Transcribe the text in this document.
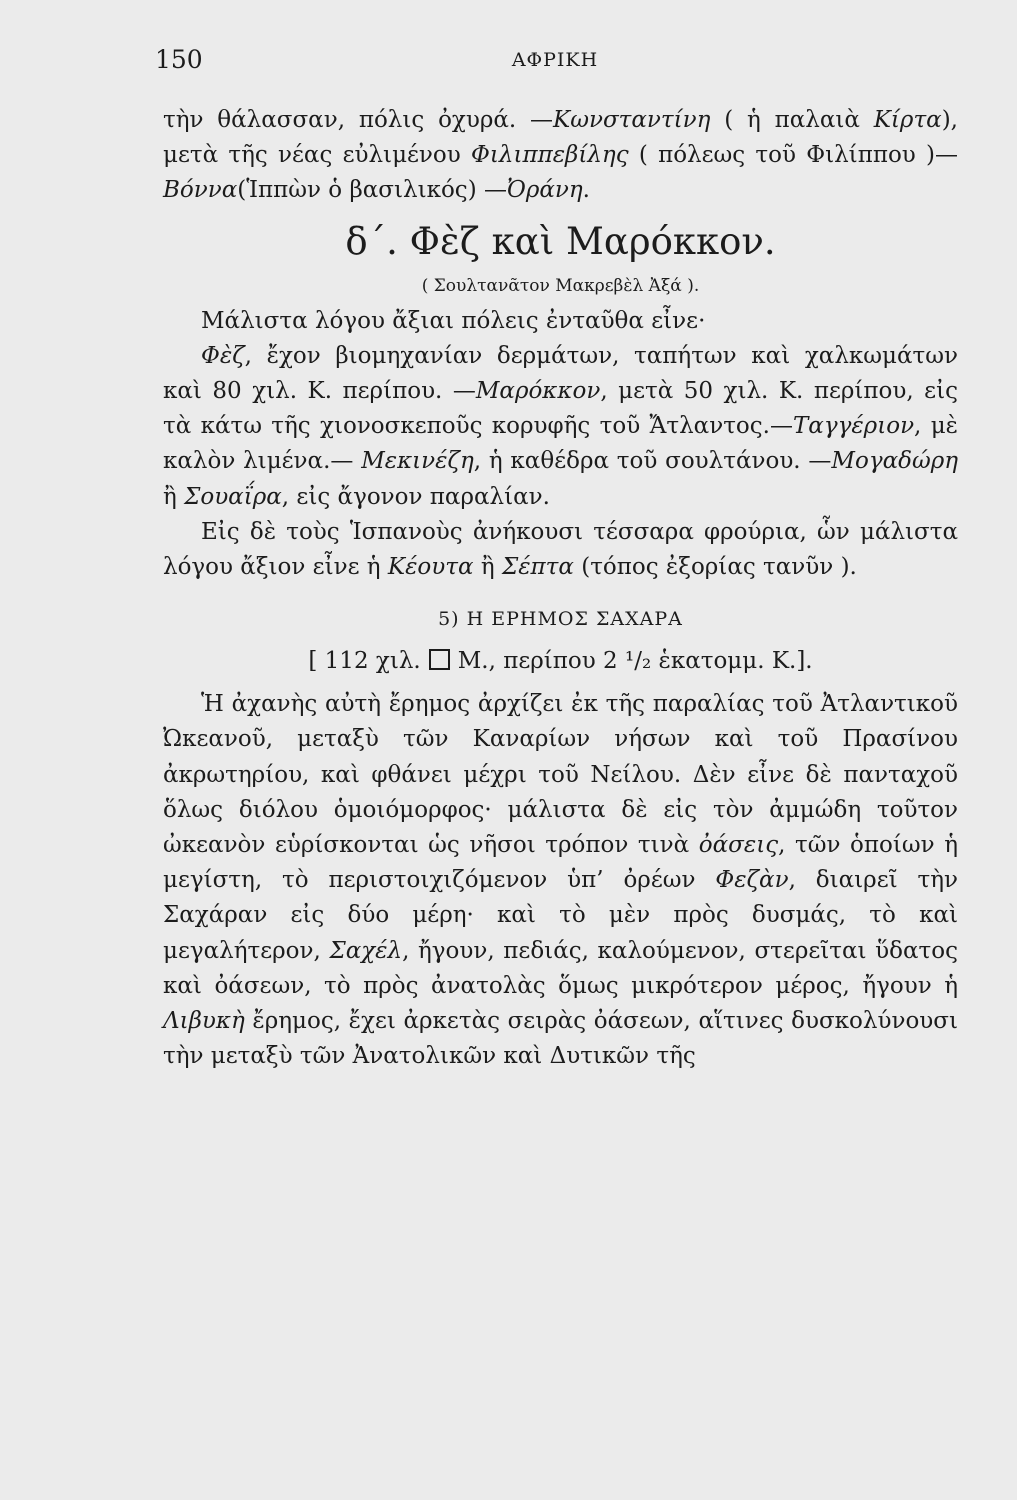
150	ΑΦΡΙΚΗ

τὴν θάλασσαν, πόλις ὀχυρά. —Κωνσταντίνη ( ἡ παλαιὰ Κίρτα), μετὰ τῆς νέας εὐλιμένου Φιλιππεβίλης ( πόλεως τοῦ Φιλίππου )— Βόννα(Ἱππὼν ὁ βασιλικός) —Ὀράνη.

δ΄. Φὲζ καὶ Μαρόκκον.
( Σουλτανᾶτον Μακρεβὲλ Ἀξά ).

Μάλιστα λόγου ἄξιαι πόλεις ἐνταῦθα εἶνε·

Φὲζ, ἔχον βιομηχανίαν δερμάτων, ταπήτων καὶ χαλκωμάτων καὶ 80 χιλ. Κ. περίπου. —Μαρόκκον, μετὰ 50 χιλ. Κ. περίπου, εἰς τὰ κάτω τῆς χιονοσκεποῦς κορυφῆς τοῦ Ἄτλαντος.—Ταγγέριον, μὲ καλὸν λιμένα.— Μεκινέζη, ἡ καθέδρα τοῦ σουλτάνου. —Μογαδώρη ἢ Σουαΐρα, εἰς ἄγονον παραλίαν.

Εἰς δὲ τοὺς Ἱσπανοὺς ἀνήκουσι τέσσαρα φρούρια, ὧν μάλιστα λόγου ἄξιον εἶνε ἡ Κέουτα ἢ Σέπτα (τόπος ἐξορίας τανῦν ).

5) Η ΕΡΗΜΟΣ ΣΑΧΑΡΑ
[ 112 χιλ. Μ., περίπου 2 ¹/₂ ἑκατομμ. Κ.].

Ἡ ἀχανὴς αὐτὴ ἔρημος ἀρχίζει ἐκ τῆς παραλίας τοῦ Ἀτλαντικοῦ Ὠκεανοῦ, μεταξὺ τῶν Καναρίων νήσων καὶ τοῦ Πρασίνου ἀκρωτηρίου, καὶ φθάνει μέχρι τοῦ Νείλου. Δὲν εἶνε δὲ πανταχοῦ ὅλως διόλου ὁμοιόμορφος· μάλιστα δὲ εἰς τὸν ἀμμώδη τοῦτον ὠκεανὸν εὑρίσκονται ὡς νῆσοι τρόπον τινὰ ὀάσεις, τῶν ὁποίων ἡ μεγίστη, τὸ περιστοιχιζόμενον ὑπ’ ὀρέων Φεζὰν, διαιρεῖ τὴν Σαχάραν εἰς δύο μέρη· καὶ τὸ μὲν πρὸς δυσμάς, τὸ καὶ μεγαλήτερον, Σαχέλ, ἤγουν, πεδιάς, καλούμενον, στερεῖται ὕδατος καὶ ὀάσεων, τὸ πρὸς ἀνατολὰς ὅμως μικρότερον μέρος, ἤγουν ἡ Λιβυκὴ ἔρημος, ἔχει ἀρκετὰς σειρὰς ὀάσεων, αἵτινες δυσκολύνουσι τὴν μεταξὺ τῶν Ἀνατολικῶν καὶ Δυτικῶν τῆς
